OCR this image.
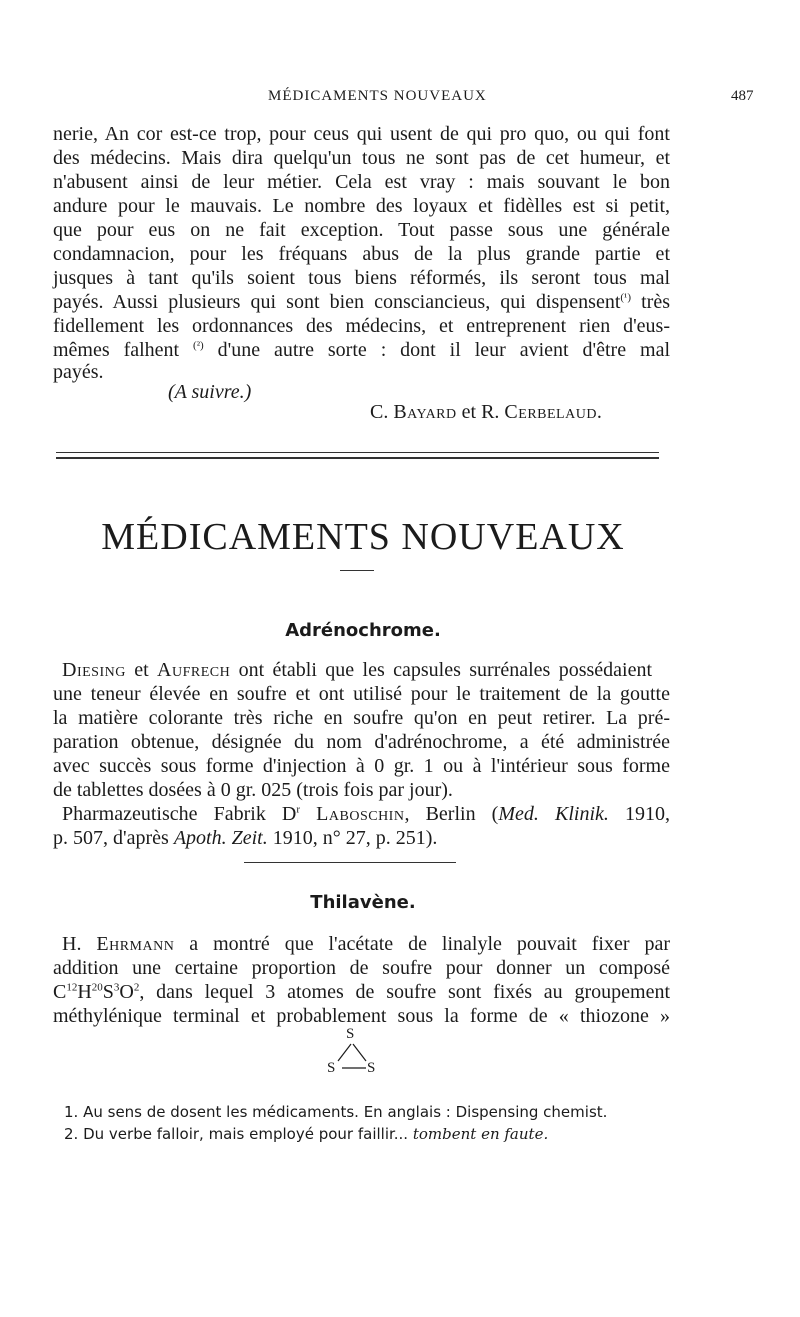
MÉDICAMENTS NOUVEAUX	487
nerie, An cor est-ce trop, pour ceus qui usent de qui pro quo, ou qui font
des médecins. Mais dira quelqu'un tous ne sont pas de cet humeur, et
n'abusent ainsi de leur métier. Cela est vray : mais souvant le bon
andure pour le mauvais. Le nombre des loyaux et fidèlles est si petit,
que pour eus on ne fait exception. Tout passe sous une générale
condamnacion, pour les fréquans abus de la plus grande partie et
jusques à tant qu'ils soient tous biens réformés, ils seront tous mal
payés. Aussi plusieurs qui sont bien consciancieus, qui dispensent$^{(^1)}$ très
fidellement les ordonnances des médecins, et entreprenent rien d'eus-
mêmes falhent $^{(^2)}$ d'une autre sorte : dont il leur avient d'être mal
payés.
(A suivre.)
C. Bayard et R. Cerbelaud.
MÉDICAMENTS NOUVEAUX
Adrénochrome.
Diesing et Aufrech ont établi que les capsules surrénales possédaient
une teneur élevée en soufre et ont utilisé pour le traitement de la goutte
la matière colorante très riche en soufre qu'on en peut retirer. La pré-
paration obtenue, désignée du nom d'adrénochrome, a été administrée
avec succès sous forme d'injection à 0 gr. 1 ou à l'intérieur sous forme
de tablettes dosées à 0 gr. 025 (trois fois par jour).
Pharmazeutische Fabrik $D^r$ Laboschin, Berlin (Med. Klinik. 1910,
p. 507, d'après Apoth. Zeit. 1910, n° 27, p. 251).
Thilavène.
H. Ehrmann a montré que l'acétate de linalyle pouvait fixer par
addition une certaine proportion de soufre pour donner un composé
$C^{12}H^{20}S^3O^2$, dans lequel 3 atomes de soufre sont fixés au groupement
méthylénique terminal et probablement sous la forme de « thiozone »
S
S S
1. Au sens de dosent les médicaments. En anglais : Dispensing chemist.
2. Du verbe falloir, mais employé pour faillir... tombent en faute.
